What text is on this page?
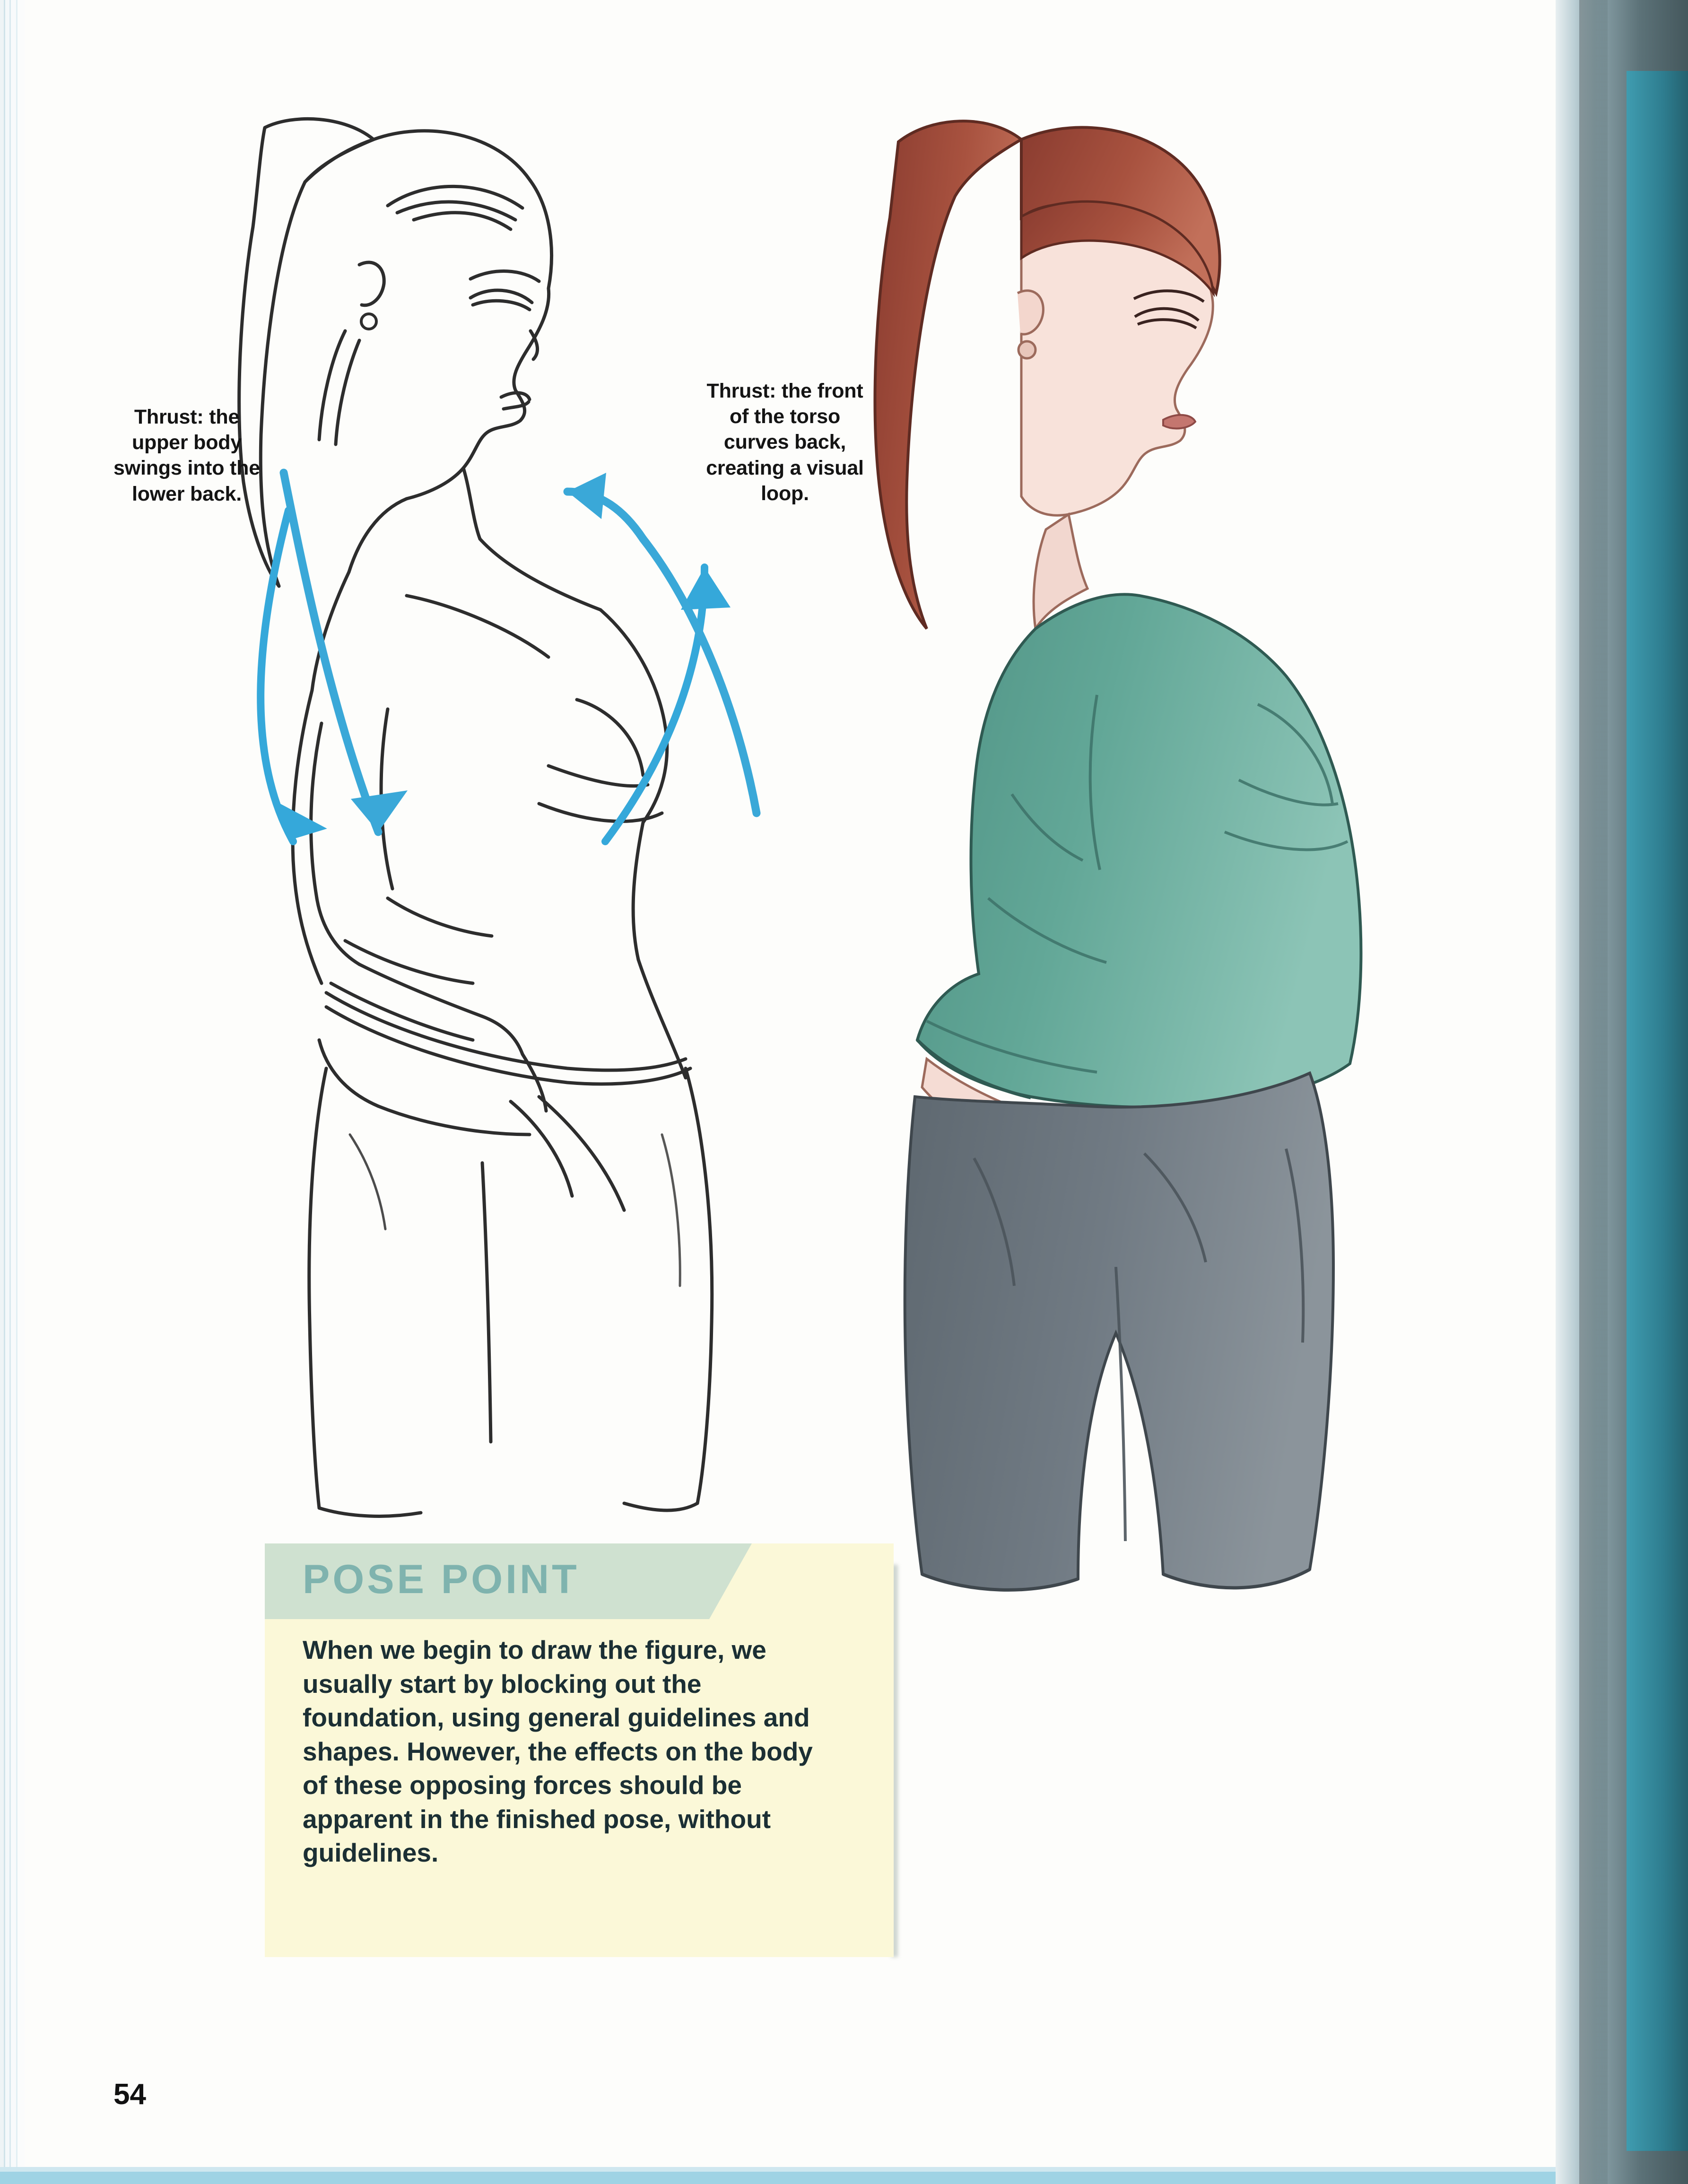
Thrust: the upper body swings into the lower back.
Thrust: the front of the torso curves back, creating a visual loop.
POSE POINT
When we begin to draw the figure, we usually start by blocking out the foundation, using general guidelines and shapes. However, the effects on the body of these opposing forces should be apparent in the finished pose, without guidelines.
54
